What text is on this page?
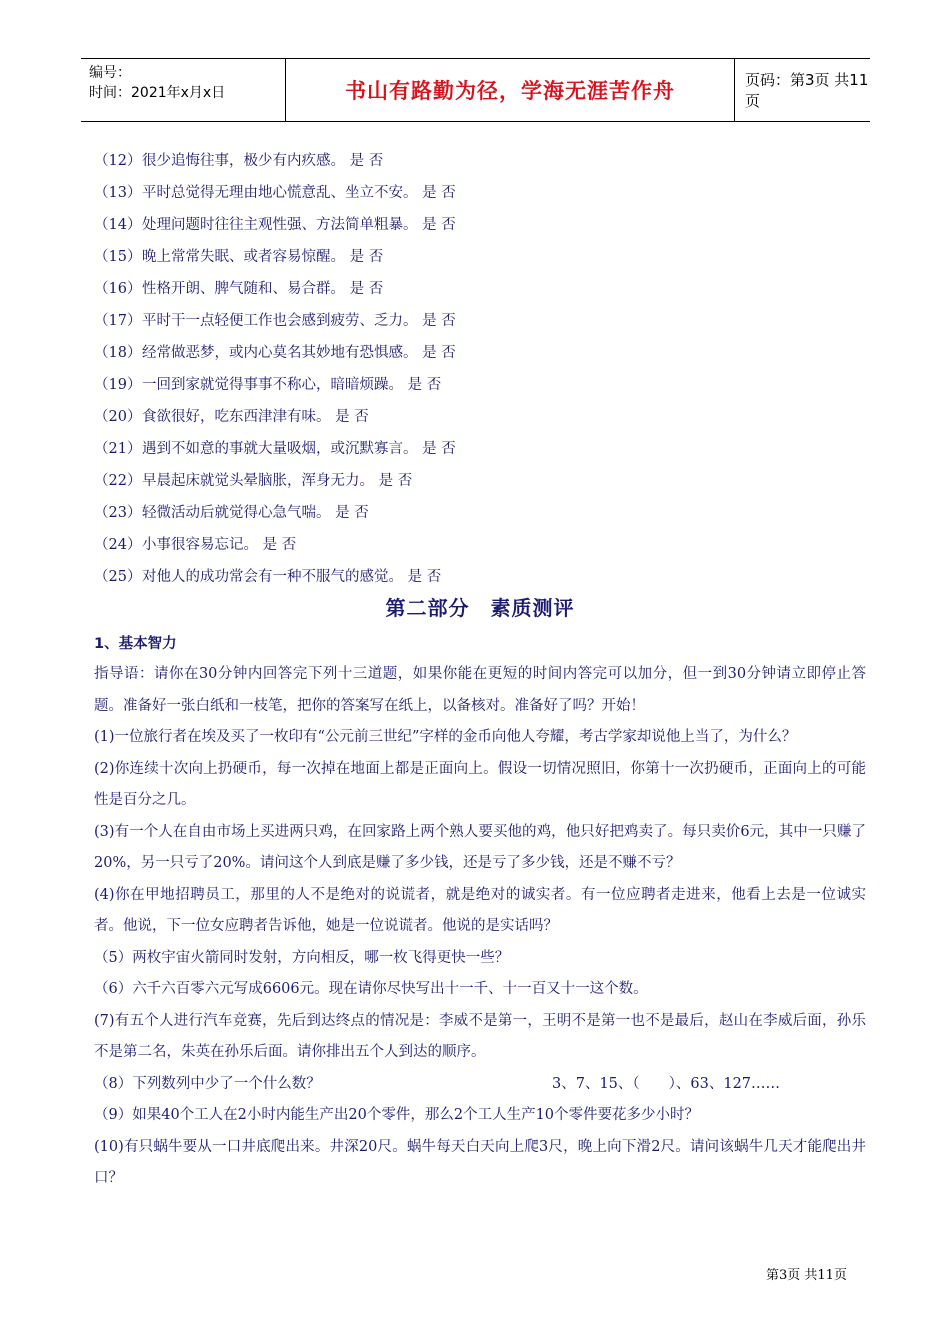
编号：
时间：2021年x月x日	书山有路勤为径，学海无涯苦作舟	页码：第3页 共11页
（12）很少追悔往事，极少有内疚感。 是 否
（13）平时总觉得无理由地心慌意乱、坐立不安。 是 否
（14）处理问题时往往主观性强、方法简单粗暴。 是 否
（15）晚上常常失眠、或者容易惊醒。 是 否
（16）性格开朗、脾气随和、易合群。 是 否
（17）平时干一点轻便工作也会感到疲劳、乏力。 是 否
（18）经常做恶梦，或内心莫名其妙地有恐惧感。 是 否
（19）一回到家就觉得事事不称心，暗暗烦躁。 是 否
（20）食欲很好，吃东西津津有味。 是 否
（21）遇到不如意的事就大量吸烟，或沉默寡言。 是 否
（22）早晨起床就觉头晕脑胀，浑身无力。 是 否
（23）轻微活动后就觉得心急气喘。 是 否
（24）小事很容易忘记。 是 否
（25）对他人的成功常会有一种不服气的感觉。 是 否
第二部分　素质测评
1、基本智力

指导语：请你在30分钟内回答完下列十三道题，如果你能在更短的时间内答完可以加分，但一到30分钟请立即停止答题。准备好一张白纸和一枝笔，把你的答案写在纸上，以备核对。准备好了吗？开始！

(1)一位旅行者在埃及买了一枚印有“公元前三世纪”字样的金币向他人夸耀，考古学家却说他上当了，为什么？

(2)你连续十次向上扔硬币，每一次掉在地面上都是正面向上。假设一切情况照旧，你第十一次扔硬币，正面向上的可能性是百分之几。

(3)有一个人在自由市场上买进两只鸡，在回家路上两个熟人要买他的鸡，他只好把鸡卖了。每只卖价6元，其中一只赚了20%，另一只亏了20%。请问这个人到底是赚了多少钱，还是亏了多少钱，还是不赚不亏？

(4)你在甲地招聘员工，那里的人不是绝对的说谎者，就是绝对的诚实者。有一位应聘者走进来，他看上去是一位诚实者。他说，下一位女应聘者告诉他，她是一位说谎者。他说的是实话吗？

（5）两枚宇宙火箭同时发射，方向相反，哪一枚飞得更快一些？

（6）六千六百零六元写成6606元。现在请你尽快写出十一千、十一百又十一这个数。

(7)有五个人进行汽车竞赛，先后到达终点的情况是：李威不是第一，王明不是第一也不是最后，赵山在李威后面，孙乐不是第二名，朱英在孙乐后面。请你排出五个人到达的顺序。

（8）下列数列中少了一个什么数？	3、7、15、（　　）、63、127……

（9）如果40个工人在2小时内能生产出20个零件，那么2个工人生产10个零件要花多少小时？

(10)有只蜗牛要从一口井底爬出来。井深20尺。蜗牛每天白天向上爬3尺，晚上向下滑2尺。请问该蜗牛几天才能爬出井口？

第3页 共11页
